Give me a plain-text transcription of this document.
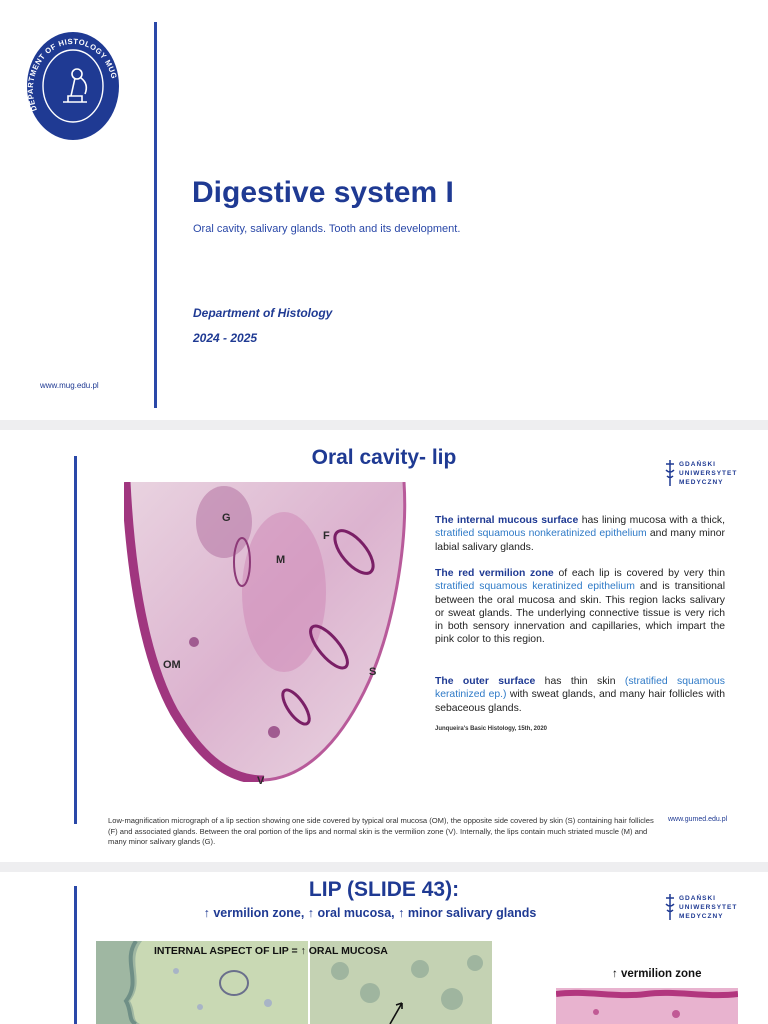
DEPARTMENT OF HISTOLOGY MUG
Digestive system I
Oral cavity, salivary glands. Tooth and its development.
Department of Histology
2024 - 2025
www.mug.edu.pl
Oral cavity- lip	GDAŃSKI
UNIWERSYTET
MEDYCZNY
G
M
F
OM
S
V
The internal mucous surface has lining mucosa with a thick, stratified squamous nonkeratinized epithelium and many minor labial salivary glands.
The red vermilion zone of each lip is covered by very thin stratified squamous keratinized epithelium and is transitional between the oral mucosa and skin. This region lacks salivary or sweat glands. The underlying connective tissue is very rich in both sensory innervation and capillaries, which impart the pink color to this region.
The outer surface has thin skin (stratified squamous keratinized ep.) with sweat glands, and many hair follicles with sebaceous glands.
Junqueira's Basic Histology, 15th, 2020
Low-magnification micrograph of a lip section showing one side covered by typical oral mucosa (OM), the opposite side covered by skin (S) containing hair follicles (F) and associated glands. Between the oral portion of the lips and normal skin is the vermilion zone (V). Internally, the lips contain much striated muscle (M) and many minor salivary glands (G).
www.gumed.edu.pl
LIP (SLIDE 43):
↑ vermilion zone, ↑ oral mucosa, ↑ minor salivary glands
GDAŃSKI
UNIWERSYTET
MEDYCZNY
INTERNAL ASPECT OF LIP = ↑ ORAL MUCOSA
↑ vermilion zone
